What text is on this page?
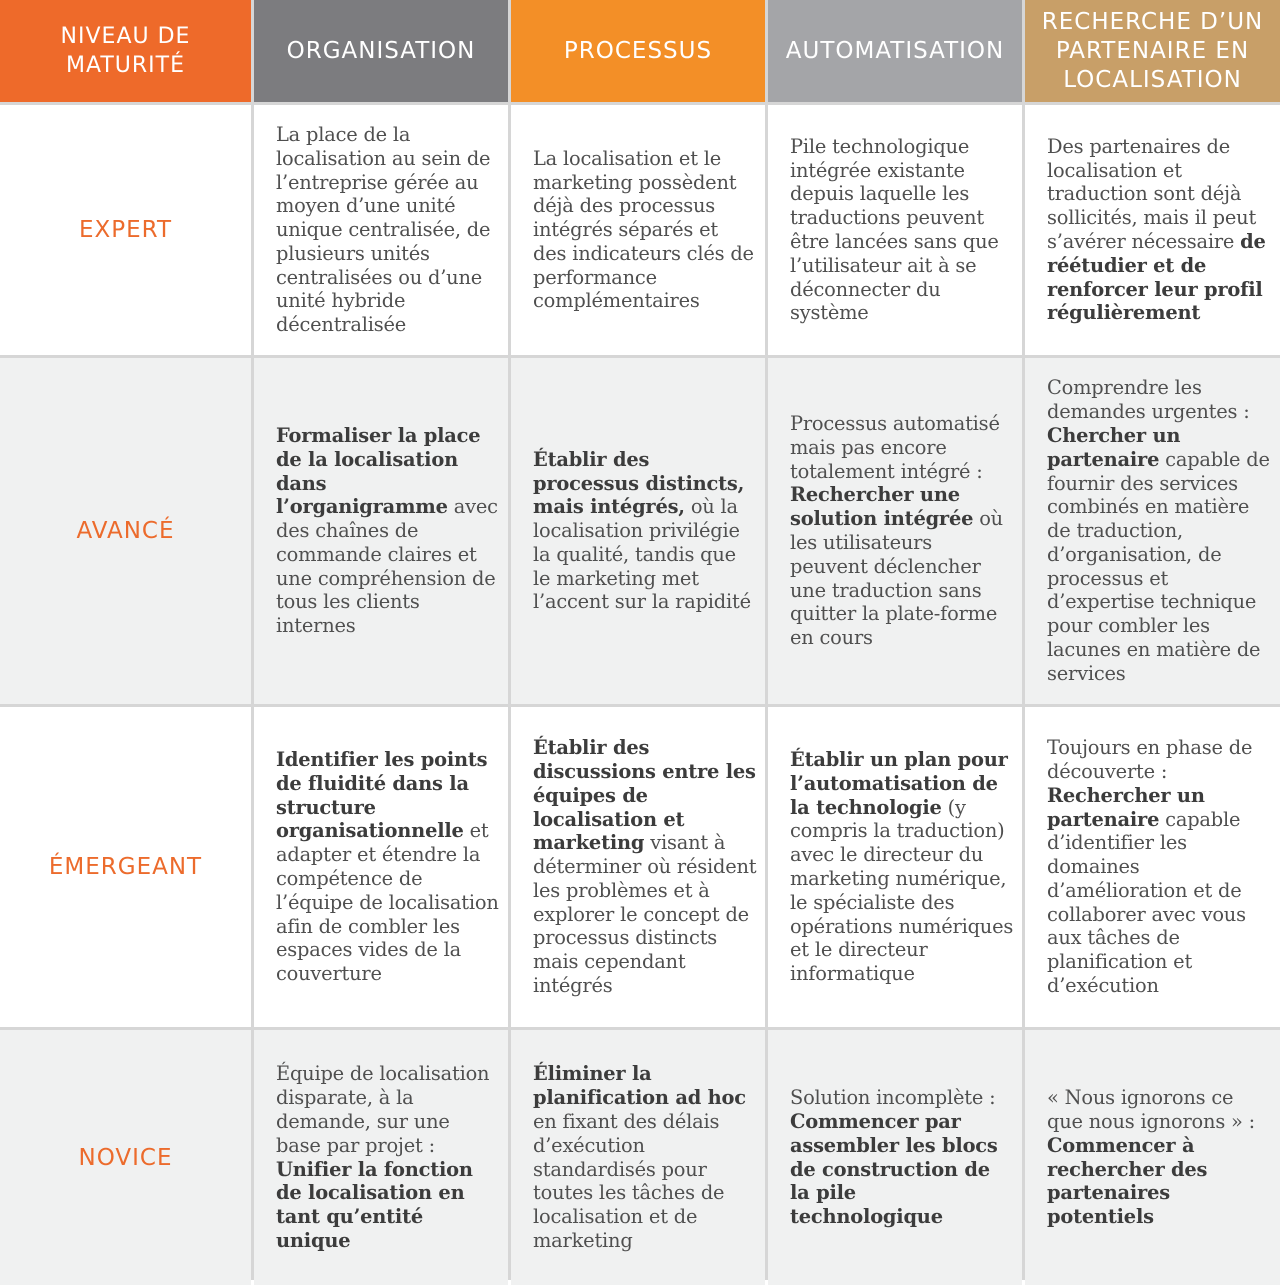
NIVEAU DE MATURITÉ
ORGANISATION	PROCESSUS	AUTOMATISATION
RECHERCHE D’UN PARTENAIRE EN LOCALISATION
EXPERT

La place de la localisation au sein de l’entreprise gérée au moyen d’une unité unique centralisée, de plusieurs unités centralisées ou d’une unité hybride décentralisée

La localisation et le marketing possèdent déjà des processus intégrés séparés et des indicateurs clés de performance complémentaires

Pile technologique intégrée existante depuis laquelle les traductions peuvent être lancées sans que l’utilisateur ait à se déconnecter du système

Des partenaires de localisation et traduction sont déjà sollicités, mais il peut s’avérer nécessaire de réétudier et de renforcer leur profil régulièrement

AVANCÉ

Formaliser la place de la localisation dans l’organigramme avec des chaînes de commande claires et une compréhension de tous les clients internes

Établir des processus distincts, mais intégrés, où la localisation privilégie la qualité, tandis que le marketing met l’accent sur la rapidité

Processus automatisé mais pas encore totalement intégré : Rechercher une solution intégrée où les utilisateurs peuvent déclencher une traduction sans quitter la plate-forme en cours

Comprendre les demandes urgentes : Chercher un partenaire capable de fournir des services combinés en matière de traduction, d’organisation, de processus et d’expertise technique pour combler les lacunes en matière de services

ÉMERGEANT

Identifier les points de fluidité dans la structure organisationnelle et adapter et étendre la compétence de l’équipe de localisation afin de combler les espaces vides de la couverture

Établir des discussions entre les équipes de localisation et marketing visant à déterminer où résident les problèmes et à explorer le concept de processus distincts mais cependant intégrés

Établir un plan pour l’automatisation de la technologie (y compris la traduction) avec le directeur du marketing numérique, le spécialiste des opérations numériques et le directeur informatique

Toujours en phase de découverte : Rechercher un partenaire capable d’identifier les domaines d’amélioration et de collaborer avec vous aux tâches de planification et d’exécution

NOVICE

Équipe de localisation disparate, à la demande, sur une base par projet : Unifier la fonction de localisation en tant qu’entité unique

Éliminer la planification ad hoc en fixant des délais d’exécution standardisés pour toutes les tâches de localisation et de marketing

Solution incomplète : Commencer par assembler les blocs de construction de la pile technologique

« Nous ignorons ce que nous ignorons » : Commencer à rechercher des partenaires potentiels
